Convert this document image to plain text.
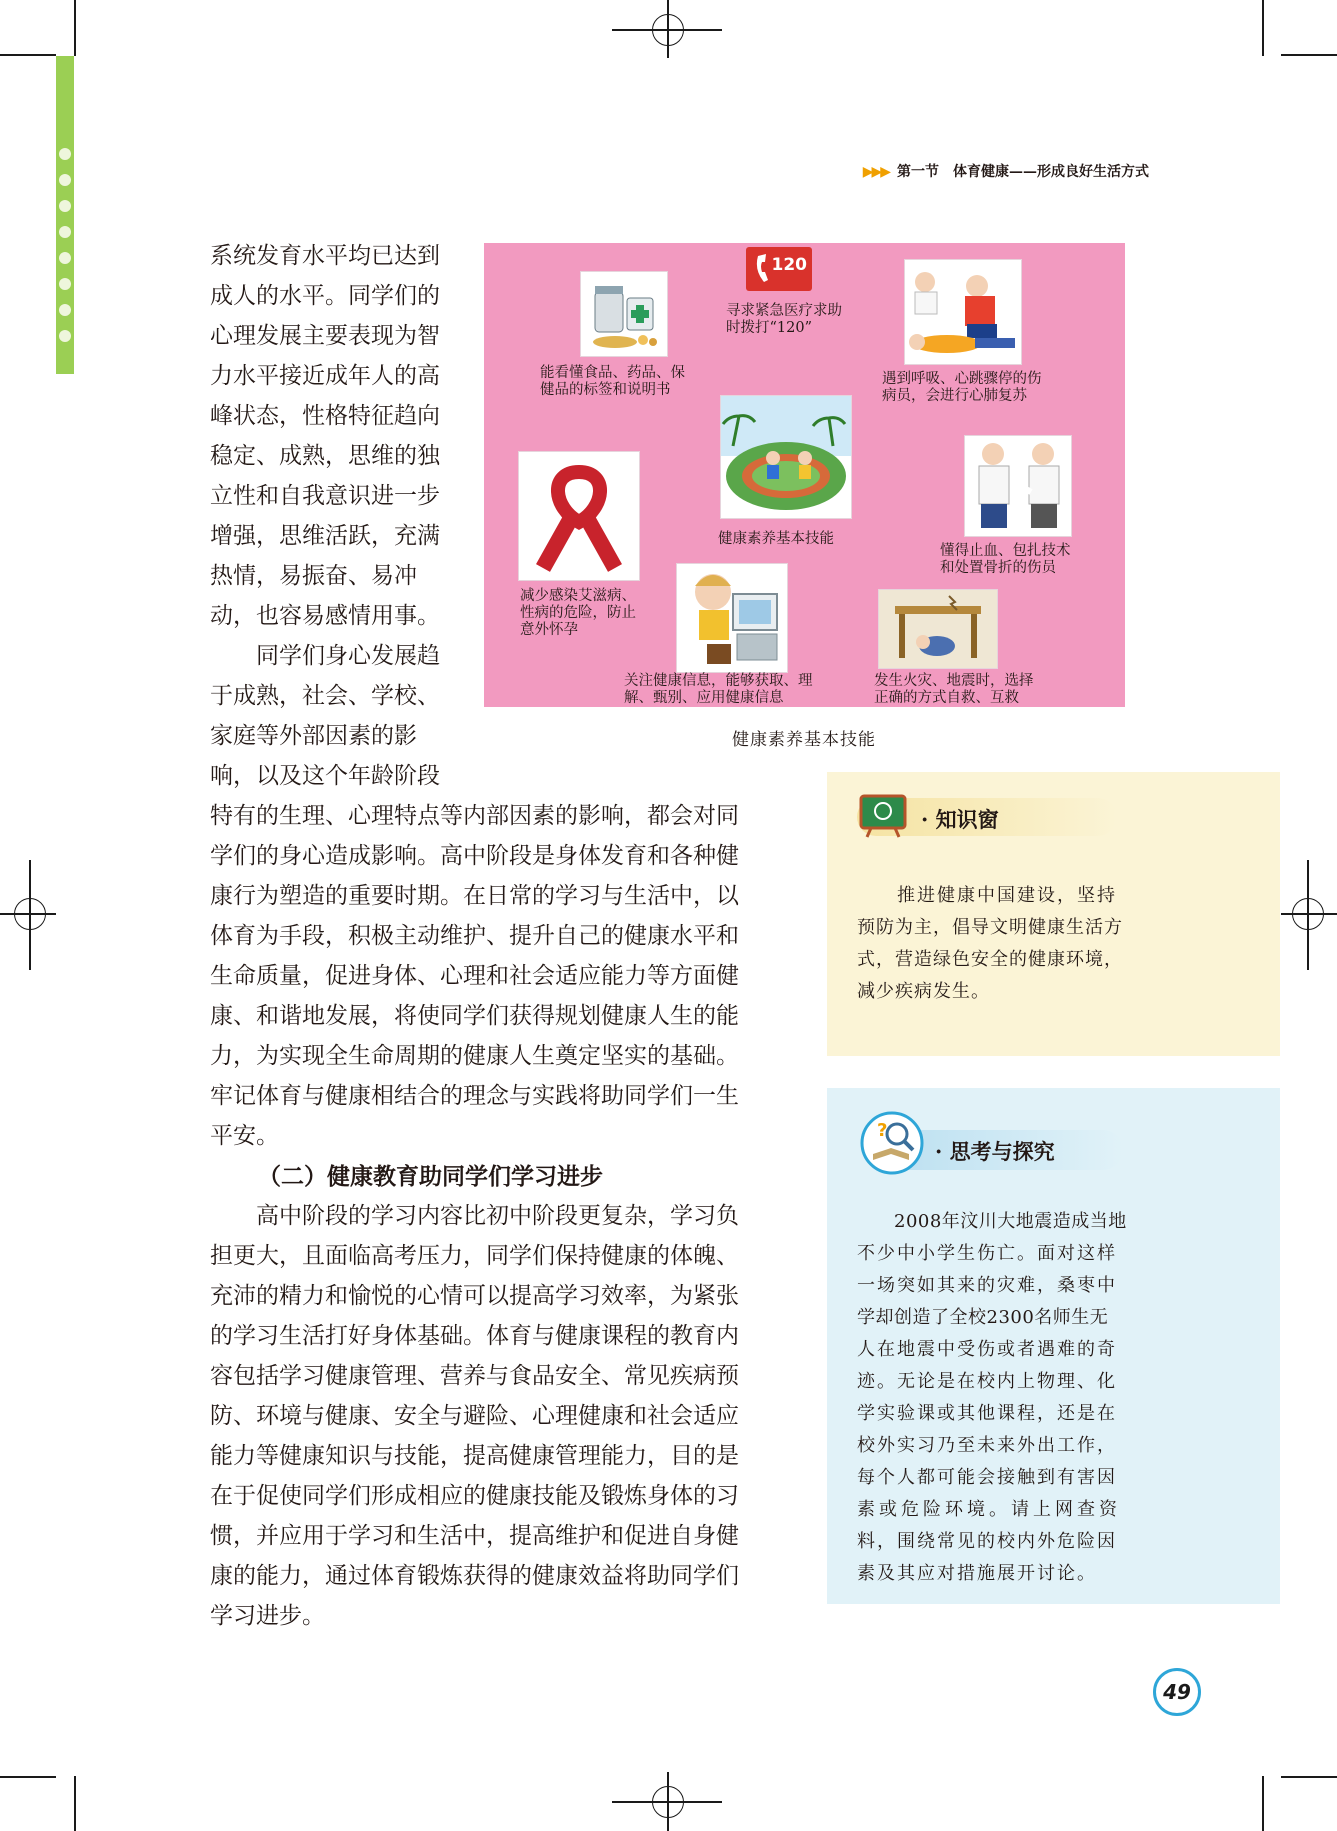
▶▶▶ 第一节　体育健康——形成良好生活方式
系统发育水平均已达到
成人的水平。同学们的
心理发展主要表现为智
力水平接近成年人的高
峰状态，性格特征趋向
稳定、成熟，思维的独
立性和自我意识进一步
增强，思维活跃，充满
热情，易振奋、易冲
动，也容易感情用事。
　　同学们身心发展趋
于成熟，社会、学校、
家庭等外部因素的影
响，以及这个年龄阶段
特有的生理、心理特点等内部因素的影响，都会对同
学们的身心造成影响。高中阶段是身体发育和各种健
康行为塑造的重要时期。在日常的学习与生活中，以
体育为手段，积极主动维护、提升自己的健康水平和
生命质量，促进身体、心理和社会适应能力等方面健
康、和谐地发展，将使同学们获得规划健康人生的能
力，为实现全生命周期的健康人生奠定坚实的基础。
牢记体育与健康相结合的理念与实践将助同学们一生
平安。
（二）健康教育助同学们学习进步
　　高中阶段的学习内容比初中阶段更复杂，学习负
担更大，且面临高考压力，同学们保持健康的体魄、
充沛的精力和愉悦的心情可以提高学习效率，为紧张
的学习生活打好身体基础。体育与健康课程的教育内
容包括学习健康管理、营养与食品安全、常见疾病预
防、环境与健康、安全与避险、心理健康和社会适应
能力等健康知识与技能，提高健康管理能力，目的是
在于促使同学们形成相应的健康技能及锻炼身体的习
惯，并应用于学习和生活中，提高维护和促进自身健
康的能力，通过体育锻炼获得的健康效益将助同学们
学习进步。
能看懂食品、药品、保
健品的标签和说明书
120
寻求紧急医疗求助
时拨打“120”
遇到呼吸、心跳骤停的伤
病员，会进行心肺复苏
健康素养基本技能
减少感染艾滋病、
性病的危险，防止
意外怀孕
懂得止血、包扎技术
和处置骨折的伤员
关注健康信息，能够获取、理
解、甄别、应用健康信息
发生火灾、地震时，选择
正确的方式自救、互救
健康素养基本技能
· 知识窗
　　推进健康中国建设，坚持
预防为主，倡导文明健康生活方
式，营造绿色安全的健康环境，
减少疾病发生。
?
· 思考与探究
　　2008年汶川大地震造成当地
不少中小学生伤亡。面对这样
一场突如其来的灾难，桑枣中
学却创造了全校2300名师生无
人在地震中受伤或者遇难的奇
迹。无论是在校内上物理、化
学实验课或其他课程，还是在
校外实习乃至未来外出工作，
每个人都可能会接触到有害因
素或危险环境。请上网查资
料，围绕常见的校内外危险因
素及其应对措施展开讨论。
49
